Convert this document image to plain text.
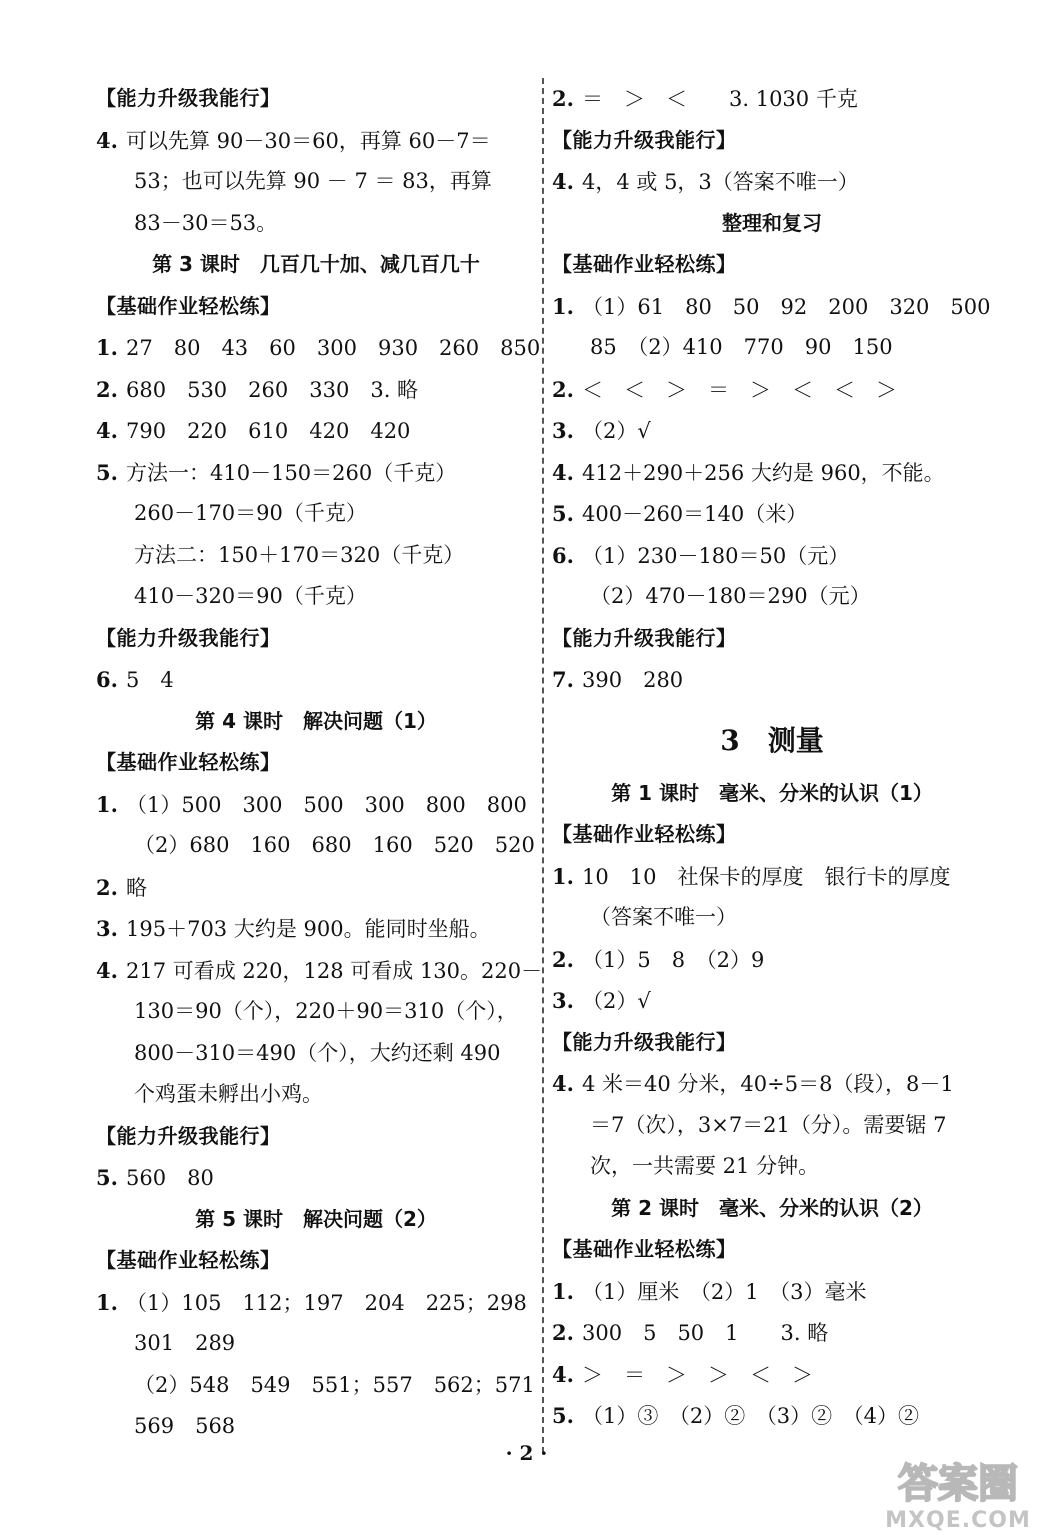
【能力升级我能行】
4. 可以先算 90－30＝60，再算 60－7＝
53；也可以先算 90 － 7 ＝ 83，再算
83－30＝53。
第 3 课时　几百几十加、减几百几十
【基础作业轻松练】
1. 27　80　43　60　300　930　260　850
2. 680　530　260　330　3. 略
4. 790　220　610　420　420
5. 方法一：410－150＝260（千克）
260－170＝90（千克）
方法二：150＋170＝320（千克）
410－320＝90（千克）
【能力升级我能行】
6. 5　4
第 4 课时　解决问题（1）
【基础作业轻松练】
1. （1）500　300　500　300　800　800
（2）680　160　680　160　520　520
2. 略
3. 195＋703 大约是 900。能同时坐船。
4. 217 可看成 220，128 可看成 130。220－
130＝90（个），220＋90＝310（个），
800－310＝490（个），大约还剩 490
个鸡蛋未孵出小鸡。
【能力升级我能行】
5. 560　80
第 5 课时　解决问题（2）
【基础作业轻松练】
1. （1）105　112；197　204　225；298
301　289
（2）548　549　551；557　562；571
569　568
2. ＝　＞　＜　　3. 1030 千克
【能力升级我能行】
4. 4，4 或 5，3（答案不唯一）
整理和复习
【基础作业轻松练】
1. （1）61　80　50　92　200　320　500
85　（2）410　770　90　150
2. ＜　＜　＞　＝　＞　＜　＜　＞
3. （2）√
4. 412＋290＋256 大约是 960，不能。
5. 400－260＝140（米）
6. （1）230－180＝50（元）
（2）470－180＝290（元）
【能力升级我能行】
7. 390　280
3　测量
第 1 课时　毫米、分米的认识（1）
【基础作业轻松练】
1. 10　10　社保卡的厚度　银行卡的厚度
（答案不唯一）
2. （1）5　8　（2）9
3. （2）√
【能力升级我能行】
4. 4 米＝40 分米，40÷5＝8（段），8－1
＝7（次），3×7＝21（分）。需要锯 7
次，一共需要 21 分钟。
第 2 课时　毫米、分米的认识（2）
【基础作业轻松练】
1. （1）厘米　（2）1　（3）毫米
2. 300　5　50　1　　3. 略
4. ＞　＝　＞　＞　＜　＞
5. （1）③　（2）②　（3）②　（4）②
· 2 ·
答案圈
MXQE.COM
